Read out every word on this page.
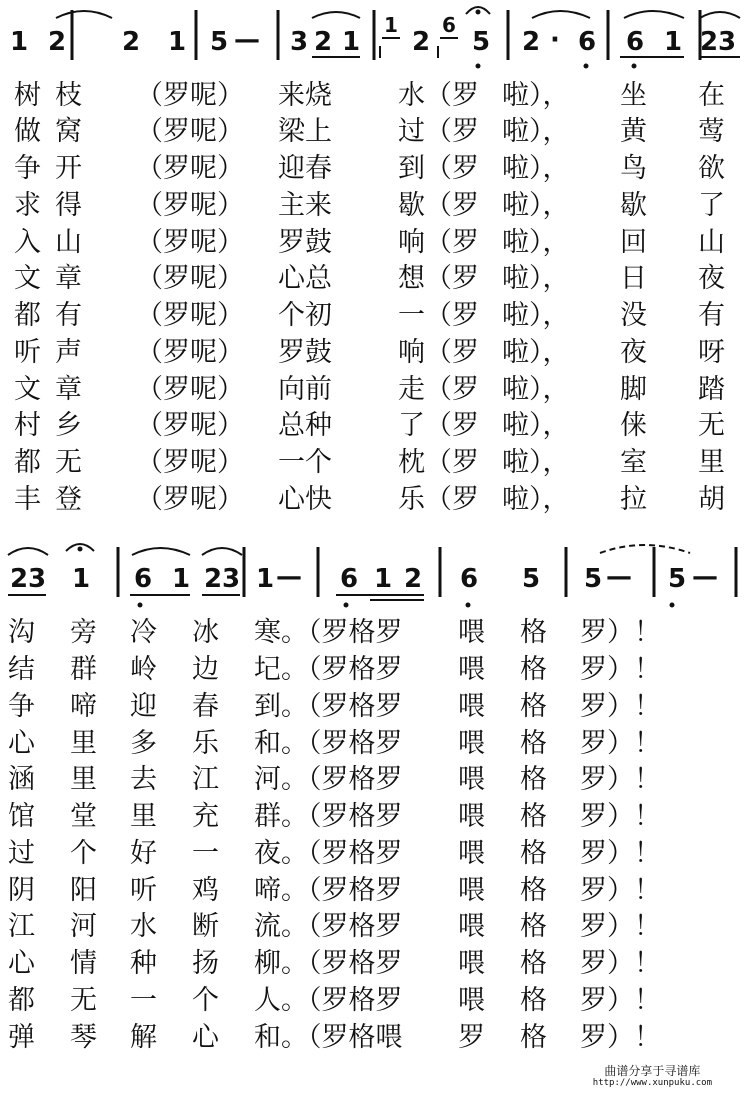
1 2 2 1 5 — 3 2 1
1
2
6
5 2 · 6 6 1 2 3
树枝 （罗呢） 来烧 水（罗 啦）， 坐 在
做窝 （罗呢） 梁上 过（罗 啦）， 黄 莺
争开 （罗呢） 迎春 到（罗 啦）， 鸟 欲
求得 （罗呢） 主来 歇（罗 啦）， 歇 了
入山 （罗呢） 罗鼓 响（罗 啦）， 回 山
文章 （罗呢） 心总 想（罗 啦）， 日 夜
都有 （罗呢） 个初 一（罗 啦）， 没 有
听声 （罗呢） 罗鼓 响（罗 啦）， 夜 呀
文章 （罗呢） 向前 走（罗 啦）， 脚 踏
村乡 （罗呢） 总种 了（罗 啦）， 俫 无
都无 （罗呢） 一个 枕（罗 啦）， 室 里
丰登 （罗呢） 心快 乐（罗 啦）， 拉 胡
2 3 1 6 1 2 3 1 — 6 1 2 6 5 5 — 5 —
沟 旁 冷 冰 寒。（罗格罗 喂 格 罗）！
结 群 岭 边 圮。（罗格罗 喂 格 罗）！
争 啼 迎 春 到。（罗格罗 喂 格 罗）！
心 里 多 乐 和。（罗格罗 喂 格 罗）！
涵 里 去 江 河。（罗格罗 喂 格 罗）！
馆 堂 里 充 群。（罗格罗 喂 格 罗）！
过 个 好 一 夜。（罗格罗 喂 格 罗）！
阴 阳 听 鸡 啼。（罗格罗 喂 格 罗）！
江 河 水 断 流。（罗格罗 喂 格 罗）！
心 情 种 扬 柳。（罗格罗 喂 格 罗）！
都 无 一 个 人。（罗格罗 喂 格 罗）！
弹 琴 解 心 和。（罗格喂 罗 格 罗）！
曲谱分享于寻谱库
http://www.xunpuku.com
